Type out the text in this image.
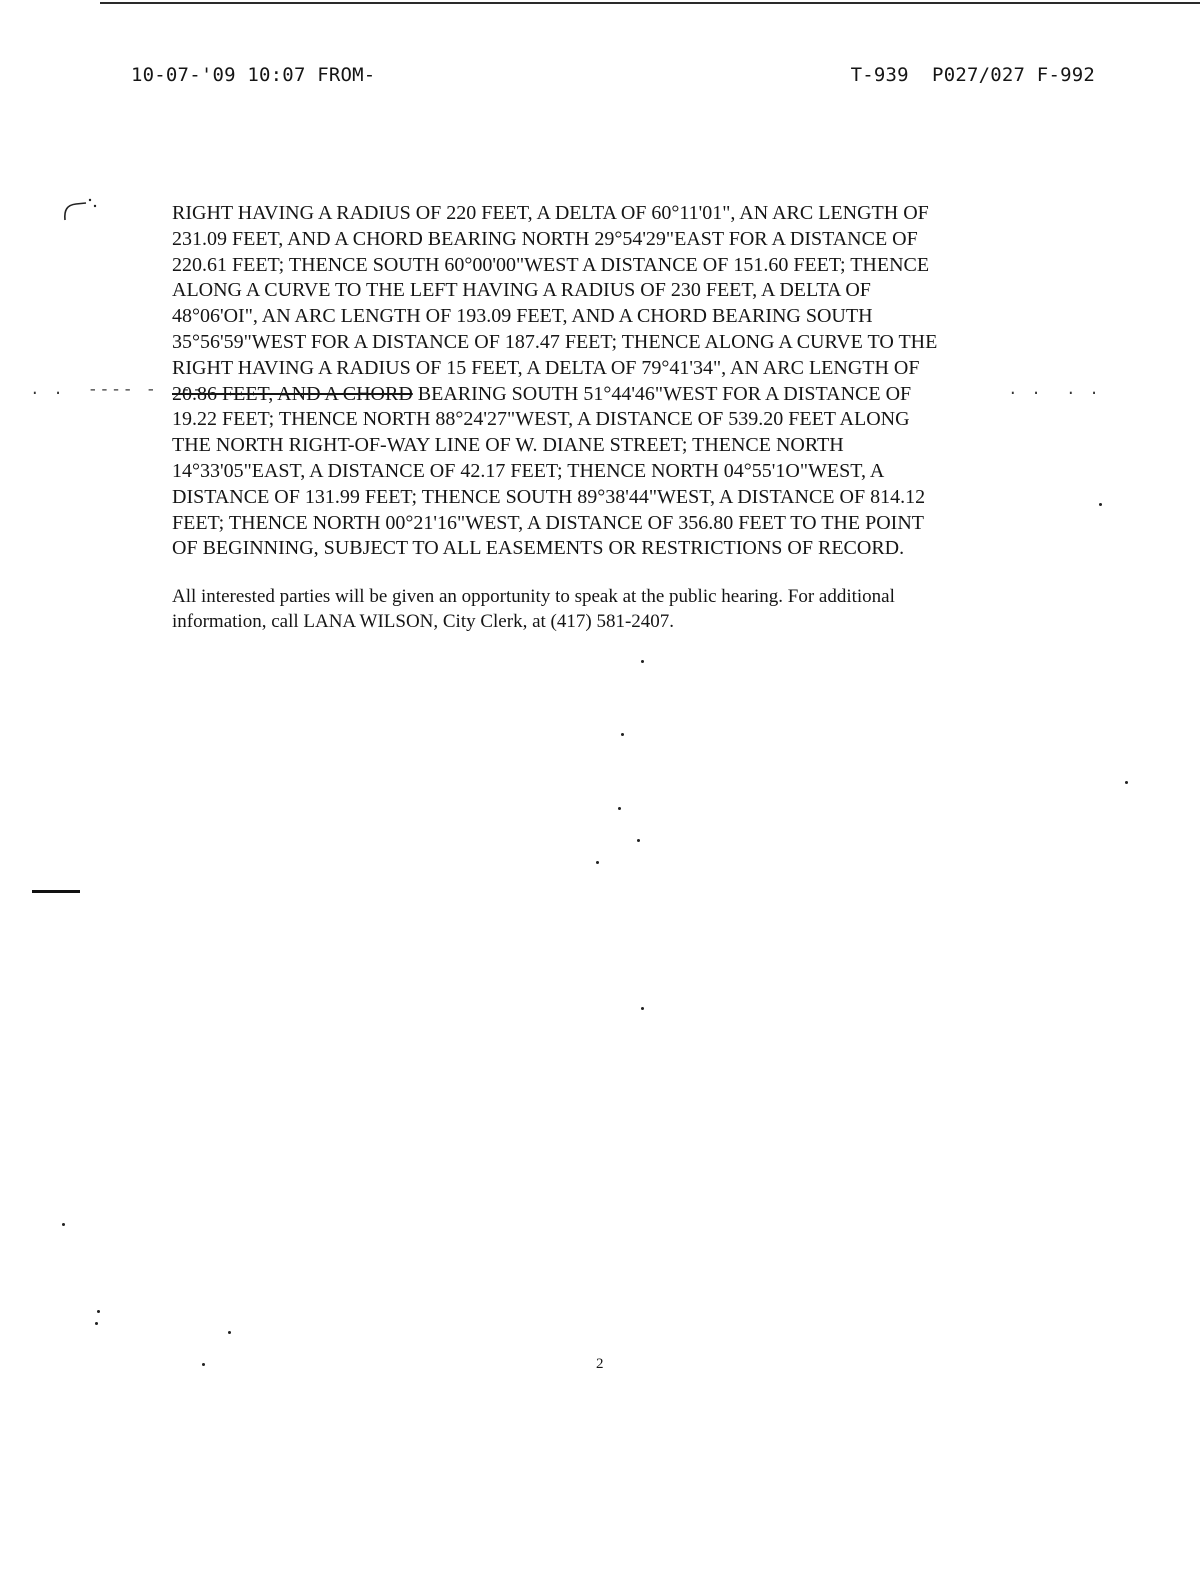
10-07-'09 10:07 FROM-	T-939  P027/027 F-992
. .  ---- -  --	. .  . .
RIGHT HAVING A RADIUS OF 220 FEET, A DELTA OF 60°11'01", AN ARC LENGTH OF
231.09 FEET, AND A CHORD BEARING NORTH 29°54'29"EAST FOR A DISTANCE OF
220.61 FEET; THENCE SOUTH 60°00'00"WEST A DISTANCE OF 151.60 FEET; THENCE
ALONG A CURVE TO THE LEFT HAVING A RADIUS OF 230 FEET, A DELTA OF
48°06'OI", AN ARC LENGTH OF 193.09 FEET, AND A CHORD BEARING SOUTH
35°56'59"WEST FOR A DISTANCE OF 187.47 FEET; THENCE ALONG A CURVE TO THE
RIGHT HAVING A RADIUS OF 15 FEET, A DELTA OF 79°41'34", AN ARC LENGTH OF
20.86 FEET, AND A CHORD BEARING SOUTH 51°44'46"WEST FOR A DISTANCE OF
19.22 FEET; THENCE NORTH 88°24'27"WEST, A DISTANCE OF 539.20 FEET ALONG
THE NORTH RIGHT-OF-WAY LINE OF W. DIANE STREET; THENCE NORTH
14°33'05"EAST, A DISTANCE OF 42.17 FEET; THENCE NORTH 04°55'1O"WEST, A
DISTANCE OF 131.99 FEET; THENCE SOUTH 89°38'44"WEST, A DISTANCE OF 814.12
FEET; THENCE NORTH 00°21'16"WEST, A DISTANCE OF 356.80 FEET TO THE POINT
OF BEGINNING, SUBJECT TO ALL EASEMENTS OR RESTRICTIONS OF RECORD.
All interested parties will be given an opportunity to speak at the public hearing. For additional
information, call LANA WILSON, City Clerk, at (417) 581-2407.
2
